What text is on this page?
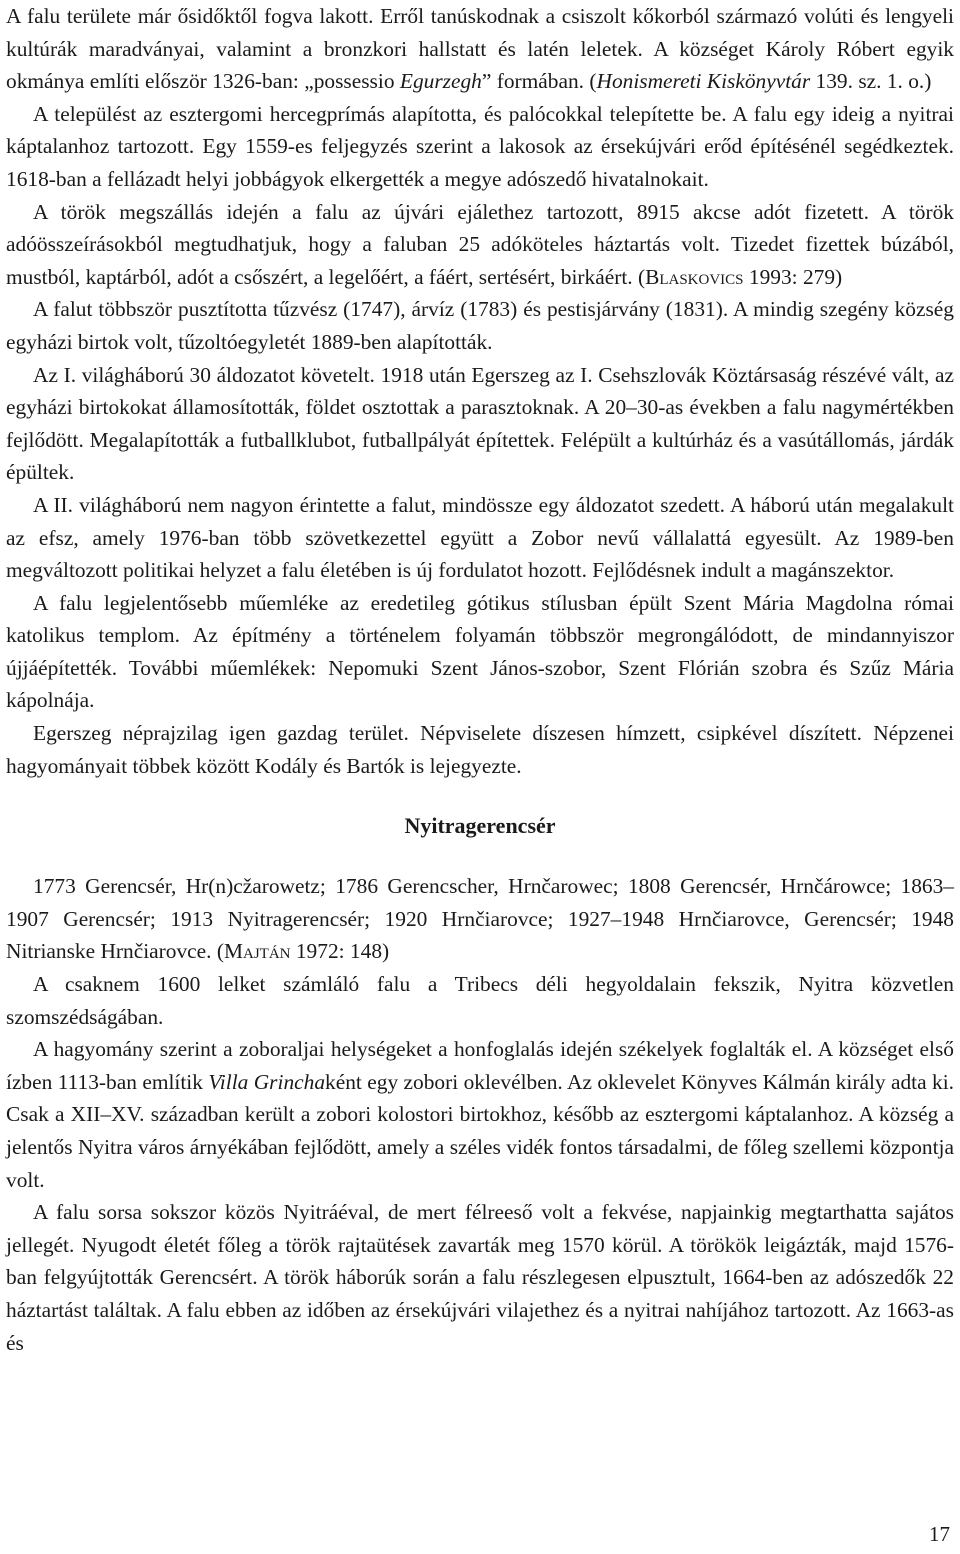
A falu területe már ősidőktől fogva lakott. Erről tanúskodnak a csiszolt kőkorból származó volúti és lengyeli kultúrák maradványai, valamint a bronzkori hallstatt és latén leletek. A községet Károly Róbert egyik okmánya említi először 1326-ban: „possessio Egurzegh” formában. (Honismereti Kiskönyvtár 139. sz. 1. o.)

A települést az esztergomi hercegprímás alapította, és palócokkal telepítette be. A falu egy ideig a nyitrai káptalanhoz tartozott. Egy 1559-es feljegyzés szerint a lakosok az érsekújvári erőd építésénél segédkeztek. 1618-ban a fellázadt helyi jobbágyok elkergették a megye adószedő hivatalnokait.

A török megszállás idején a falu az újvári ejálethez tartozott, 8915 akcse adót fizetett. A török adóösszeírásokból megtudhatjuk, hogy a faluban 25 adóköteles háztartás volt. Tizedet fizettek búzából, mustból, kaptárból, adót a csőszért, a legelőért, a fáért, sertésért, birkáért. (Blaskovics 1993: 279)

A falut többször pusztította tűzvész (1747), árvíz (1783) és pestisjárvány (1831). A mindig szegény község egyházi birtok volt, tűzoltóegyletét 1889-ben alapították.

Az I. világháború 30 áldozatot követelt. 1918 után Egerszeg az I. Csehszlovák Köztársaság részévé vált, az egyházi birtokokat államosították, földet osztottak a parasztoknak. A 20–30-as években a falu nagymértékben fejlődött. Megalapították a futballklubot, futballpályát építettek. Felépült a kultúrház és a vasútállomás, járdák épültek.

A II. világháború nem nagyon érintette a falut, mindössze egy áldozatot szedett. A háború után megalakult az efsz, amely 1976-ban több szövetkezettel együtt a Zobor nevű vállalattá egyesült. Az 1989-ben megváltozott politikai helyzet a falu életében is új fordulatot hozott. Fejlődésnek indult a magánszektor.

A falu legjelentősebb műemléke az eredetileg gótikus stílusban épült Szent Mária Magdolna római katolikus templom. Az építmény a történelem folyamán többször megrongálódott, de mindannyiszor újjáépítették. További műemlékek: Nepomuki Szent János-szobor, Szent Flórián szobra és Szűz Mária kápolnája.

Egerszeg néprajzilag igen gazdag terület. Népviselete díszesen hímzett, csipkével díszített. Népzenei hagyományait többek között Kodály és Bartók is lejegyezte.

Nyitragerencsér

1773 Gerencsér, Hr(n)cžarowetz; 1786 Gerencscher, Hrnčarowec; 1808 Gerencsér, Hrnčárowce; 1863–1907 Gerencsér; 1913 Nyitragerencsér; 1920 Hrnčiarovce; 1927–1948 Hrnčiarovce, Gerencsér; 1948 Nitrianske Hrnčiarovce. (Majtán 1972: 148)

A csaknem 1600 lelket számláló falu a Tribecs déli hegyoldalain fekszik, Nyitra közvetlen szomszédságában.

A hagyomány szerint a zoboraljai helységeket a honfoglalás idején székelyek foglalták el. A községet első ízben 1113-ban említik Villa Grinchaként egy zobori oklevélben. Az oklevelet Könyves Kálmán király adta ki. Csak a XII–XV. században került a zobori kolostori birtokhoz, később az esztergomi káptalanhoz. A község a jelentős Nyitra város árnyékában fejlődött, amely a széles vidék fontos társadalmi, de főleg szellemi központja volt.

A falu sorsa sokszor közös Nyitráéval, de mert félreeső volt a fekvése, napjainkig megtarthatta sajátos jellegét. Nyugodt életét főleg a török rajtaütések zavarták meg 1570 körül. A törökök leigázták, majd 1576-ban felgyújtották Gerencsért. A török háborúk során a falu részlegesen elpusztult, 1664-ben az adószedők 22 háztartást találtak. A falu ebben az időben az érsekújvári vilajethez és a nyitrai nahíjához tartozott. Az 1663-as és

17
